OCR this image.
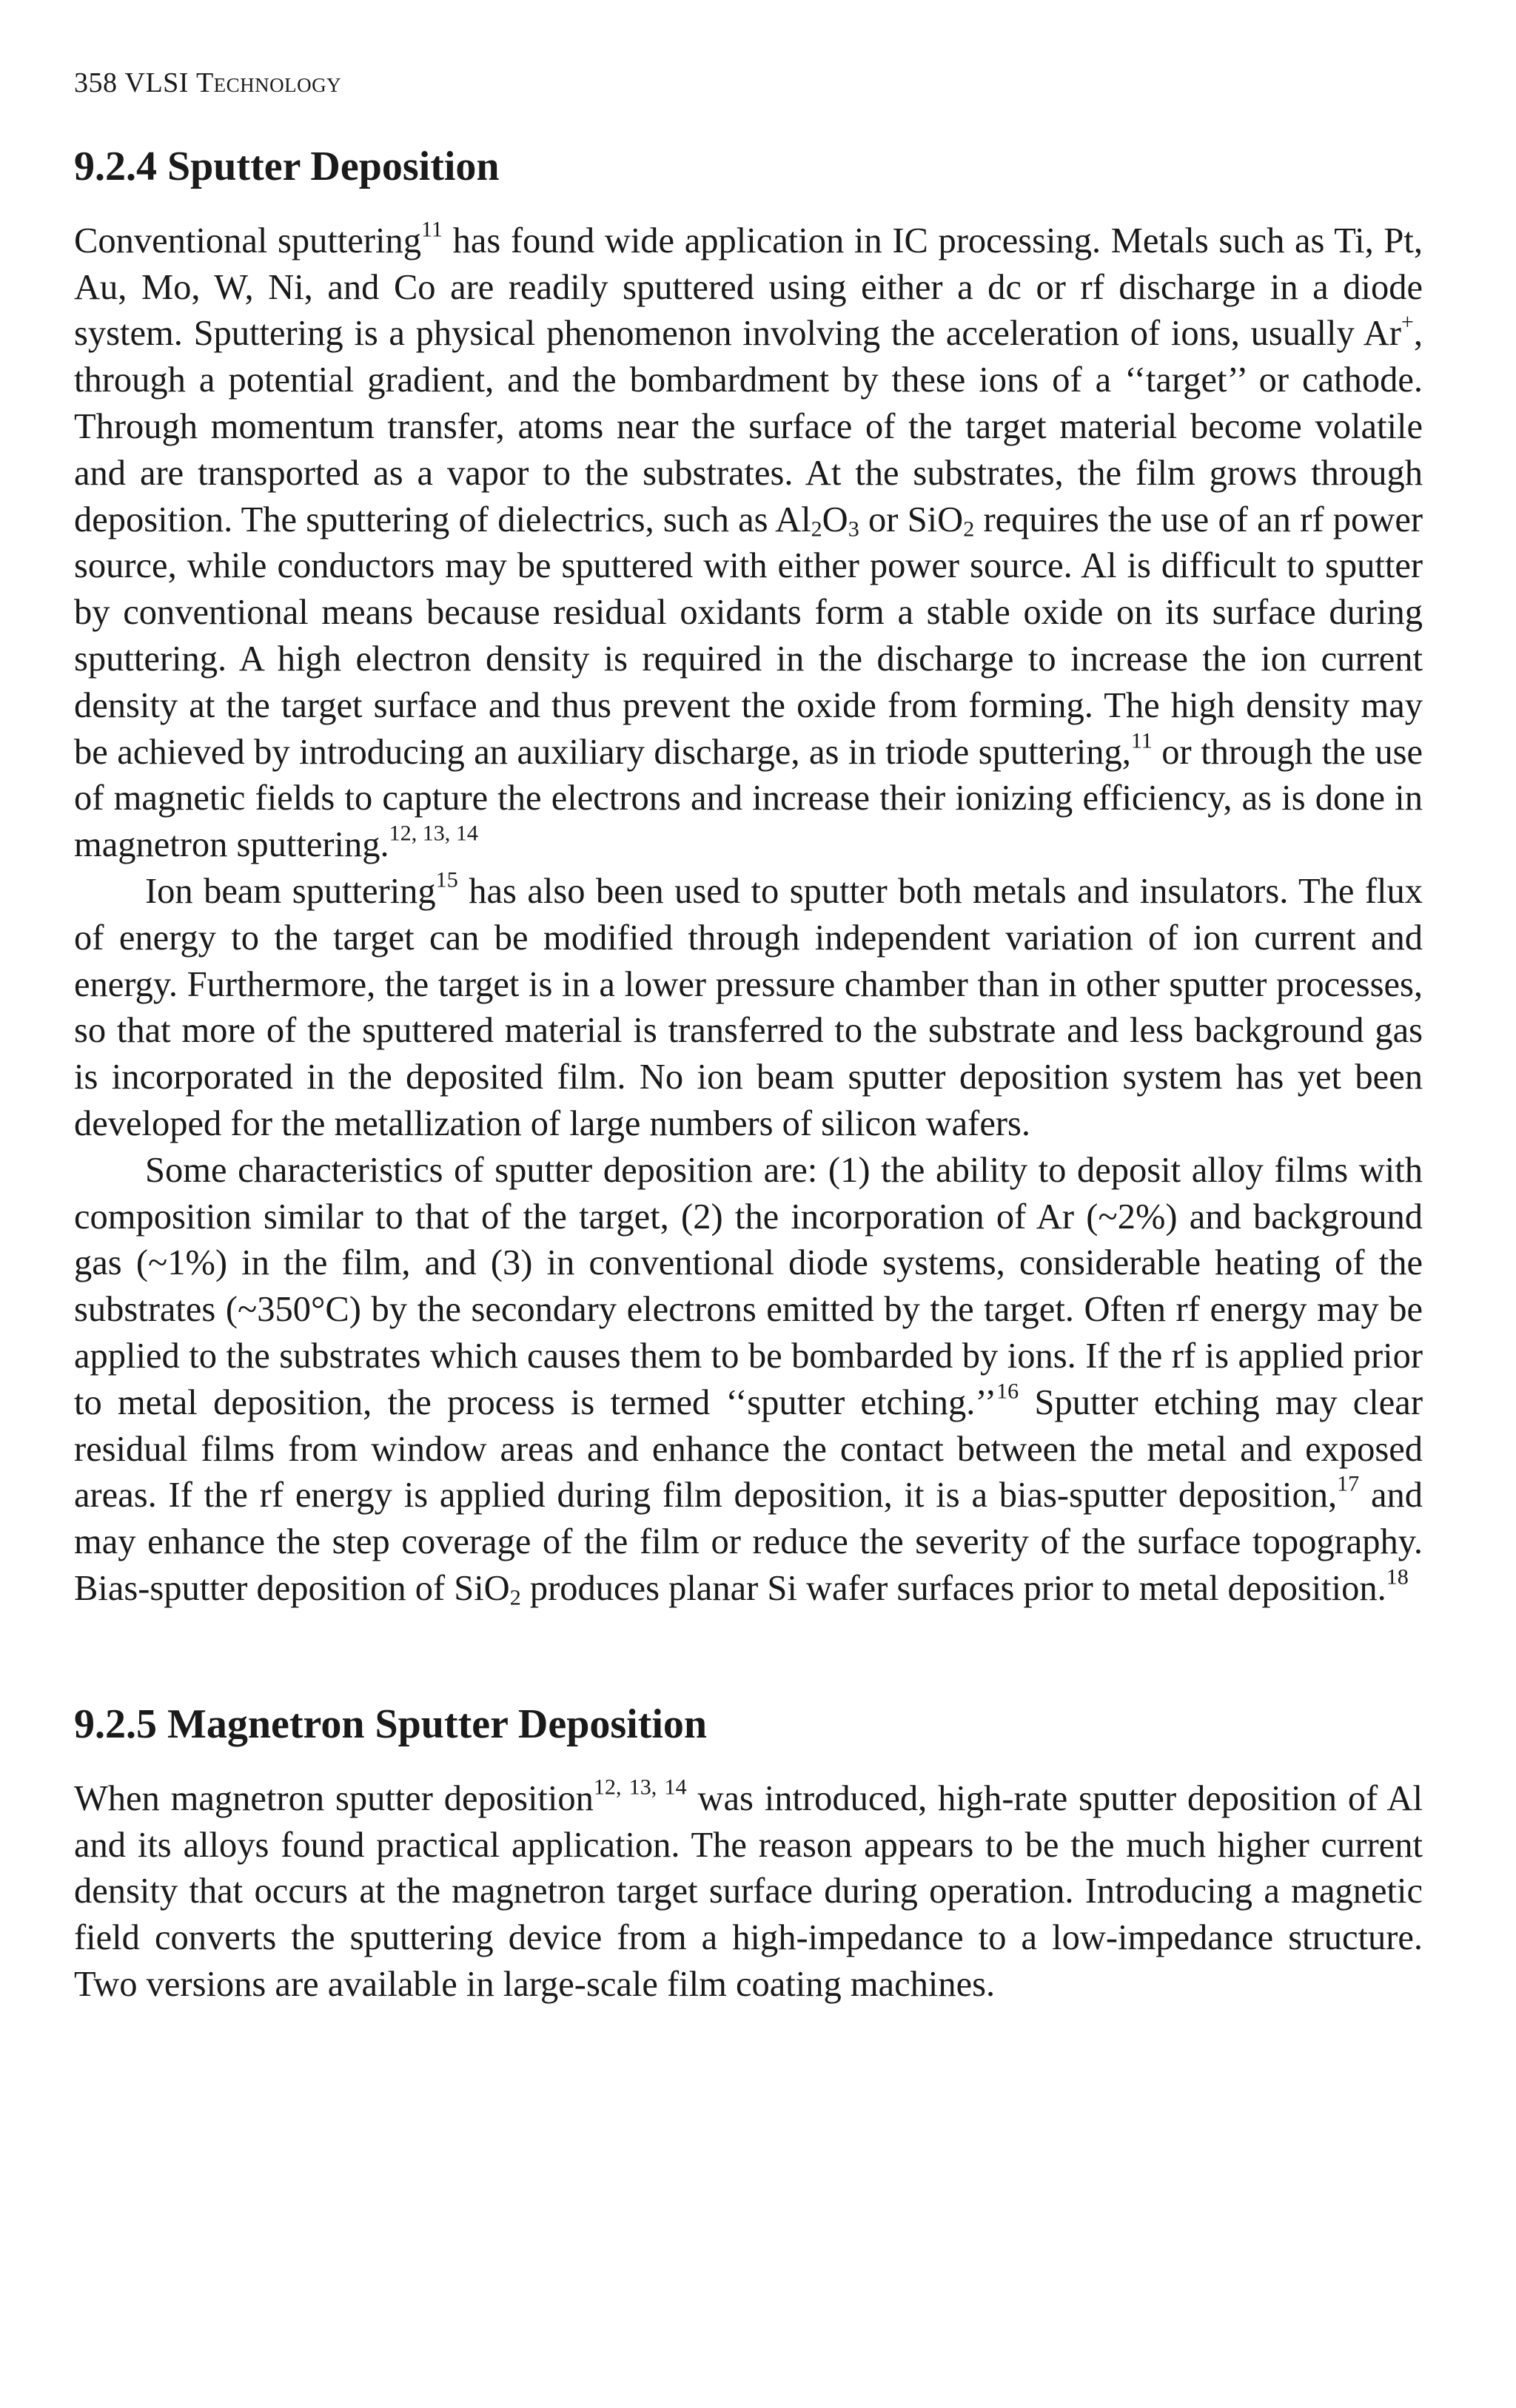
358 VLSI Technology
9.2.4 Sputter Deposition

Conventional sputtering$^{11}$ has found wide application in IC processing. Metals such as Ti, Pt, Au, Mo, W, Ni, and Co are readily sputtered using either a dc or rf discharge in a diode system. Sputtering is a physical phenomenon involving the acceleration of ions, usually Ar+, through a potential gradient, and the bombardment by these ions of a ‘‘target’’ or cathode. Through momentum transfer, atoms near the surface of the target material become volatile and are transported as a vapor to the substrates. At the substrates, the film grows through deposition. The sputtering of dielectrics, such as $Al_2O_3$ or SiO$_2$ requires the use of an rf power source, while conductors may be sputtered with either power source. Al is difficult to sputter by conventional means because residual oxidants form a stable oxide on its surface during sputtering. A high electron density is required in the discharge to increase the ion current density at the target surface and thus prevent the oxide from forming. The high density may be achieved by introducing an auxiliary discharge, as in triode sputtering,$^{11}$ or through the use of magnetic fields to capture the electrons and increase their ionizing efficiency, as is done in magnetron sputtering.$^{12, 13, 14}$

Ion beam sputtering$^{15}$ has also been used to sputter both metals and insulators. The flux of energy to the target can be modified through independent variation of ion current and energy. Furthermore, the target is in a lower pressure chamber than in other sputter processes, so that more of the sputtered material is transferred to the substrate and less background gas is incorporated in the deposited film. No ion beam sputter deposition system has yet been developed for the metallization of large numbers of silicon wafers.

Some characteristics of sputter deposition are: (1) the ability to deposit alloy films with composition similar to that of the target, (2) the incorporation of Ar (~2%) and background gas (~1%) in the film, and (3) in conventional diode systems, considerable heating of the substrates (~350°C) by the secondary electrons emitted by the target. Often rf energy may be applied to the substrates which causes them to be bombarded by ions. If the rf is applied prior to metal deposition, the process is termed ‘‘sputter etching.’’$^{16}$ Sputter etching may clear residual films from window areas and enhance the contact between the metal and exposed areas. If the rf energy is applied during film deposition, it is a bias-sputter deposition,$^{17}$ and may enhance the step coverage of the film or reduce the severity of the surface topography. Bias-sputter deposition of SiO$_2$ produces planar Si wafer surfaces prior to metal deposition.$^{18}$

9.2.5 Magnetron Sputter Deposition

When magnetron sputter deposition$^{12, 13, 14}$ was introduced, high-rate sputter deposition of Al and its alloys found practical application. The reason appears to be the much higher current density that occurs at the magnetron target surface during operation. Introducing a magnetic field converts the sputtering device from a high-impedance to a low-impedance structure. Two versions are available in large-scale film coating machines.
